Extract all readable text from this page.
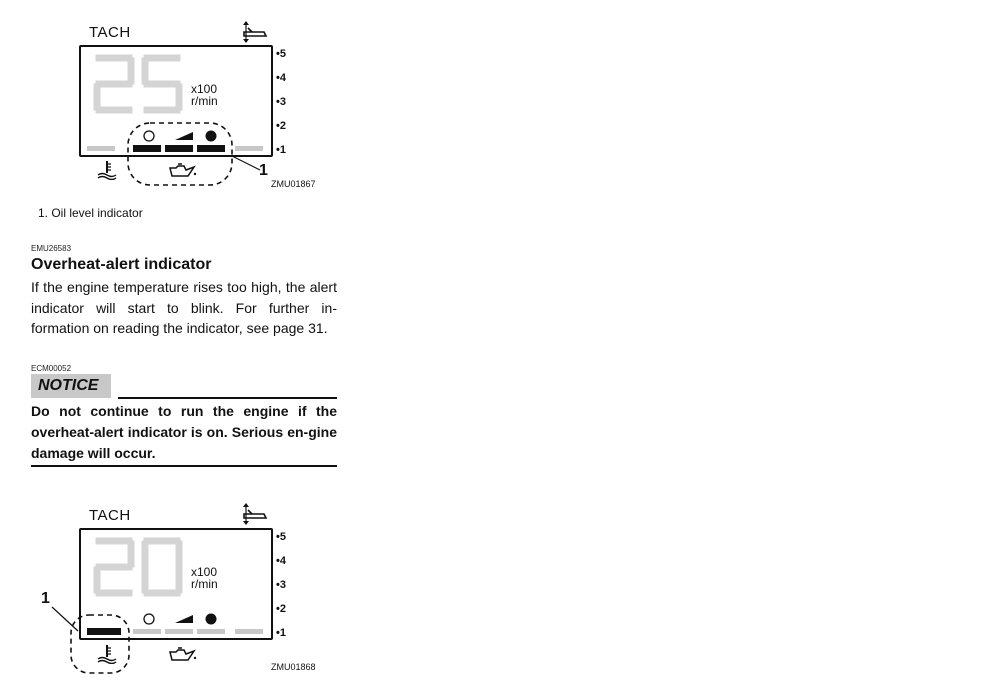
TACH
x100
r/min
•5
•4
•3
•2
•1
1
ZMU01867
1. Oil level indicator
EMU26583
Overheat-alert indicator
If the engine temperature rises too high, the alert indicator will start to blink. For further in-formation on reading the indicator, see page 31.
ECM00052
NOTICE
Do not continue to run the engine if the overheat-alert indicator is on. Serious en-gine damage will occur.
TACH
x100
r/min
•5
•4
•3
•2
•1
1
ZMU01868
